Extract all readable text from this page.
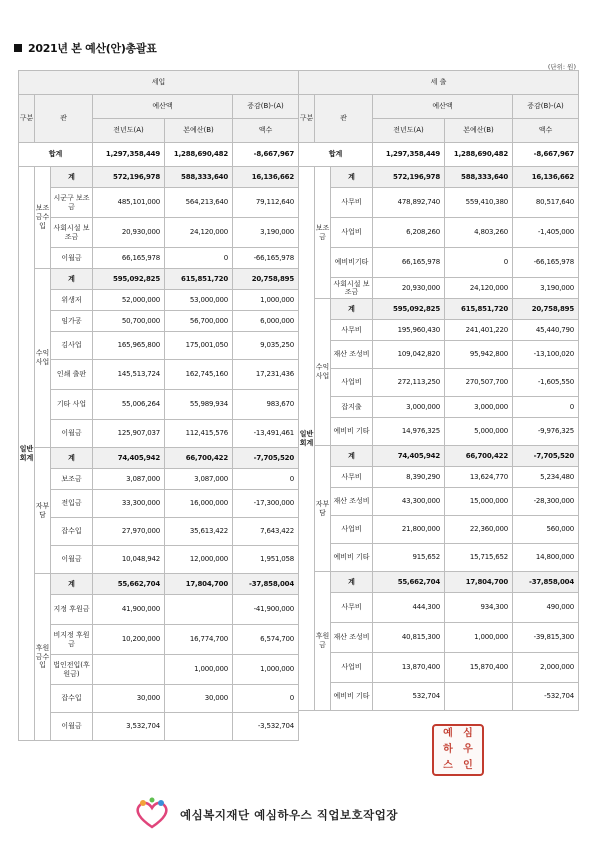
2021년 본 예산(안)총괄표
(단위: 원)
세입					
구분	관		예산액		증감(B)-(A)
			전년도(A)	본예산(B)	액수
합계			1,297,358,449	1,288,690,482	-8,667,967
일반회계	보조금수입	계	572,196,978	588,333,640	16,136,662
		시군구 보조금	485,101,000	564,213,640	79,112,640
		사회시설 보조금	20,930,000	24,120,000	3,190,000
		이월금	66,165,978	0	-66,165,978
	수익사업	계	595,092,825	615,851,720	20,758,895
		위생저	52,000,000	53,000,000	1,000,000
		임가공	50,700,000	56,700,000	6,000,000
		김사업	165,965,800	175,001,050	9,035,250
		인쇄 출판	145,513,724	162,745,160	17,231,436
		기타 사업	55,006,264	55,989,934	983,670
		이월금	125,907,037	112,415,576	-13,491,461
	자부담	계	74,405,942	66,700,422	-7,705,520
		보조금	3,087,000	3,087,000	0
		전입금	33,300,000	16,000,000	-17,300,000
		잡수입	27,970,000	35,613,422	7,643,422
		이월금	10,048,942	12,000,000	1,951,058
	후원금수입	계	55,662,704	17,804,700	-37,858,004
		지정 후원금	41,900,000		-41,900,000
		비지정 후원금	10,200,000	16,774,700	6,574,700
		법인전입(후원금)		1,000,000	1,000,000
		잡수입	30,000	30,000	0
		이월금	3,532,704		-3,532,704
세 출					
구분	관		예산액		증감(B)-(A)
			전년도(A)	본예산(B)	액수
합계			1,297,358,449	1,288,690,482	-8,667,967
일반회계	보조금	계	572,196,978	588,333,640	16,136,662
		사무비	478,892,740	559,410,380	80,517,640
		사업비	6,208,260	4,803,260	-1,405,000
		예비비기타	66,165,978	0	-66,165,978
		사회시설 보조금	20,930,000	24,120,000	3,190,000
	수익사업	계	595,092,825	615,851,720	20,758,895
		사무비	195,960,430	241,401,220	45,440,790
		재산 조성비	109,042,820	95,942,800	-13,100,020
		사업비	272,113,250	270,507,700	-1,605,550
		잡지출	3,000,000	3,000,000	0
		예비비 기타	14,976,325	5,000,000	-9,976,325
	자부담	계	74,405,942	66,700,422	-7,705,520
		사무비	8,390,290	13,624,770	5,234,480
		재산 조성비	43,300,000	15,000,000	-28,300,000
		사업비	21,800,000	22,360,000	560,000
		예비비 기타	915,652	15,715,652	14,800,000
	후원금	계	55,662,704	17,804,700	-37,858,004
		사무비	444,300	934,300	490,000
		재산 조성비	40,815,300	1,000,000	-39,815,300
		사업비	13,870,400	15,870,400	2,000,000
		예비비 기타	532,704		-532,704
예심복지재단 예심하우스 직업보호작업장
예	심
하	우
스	인
